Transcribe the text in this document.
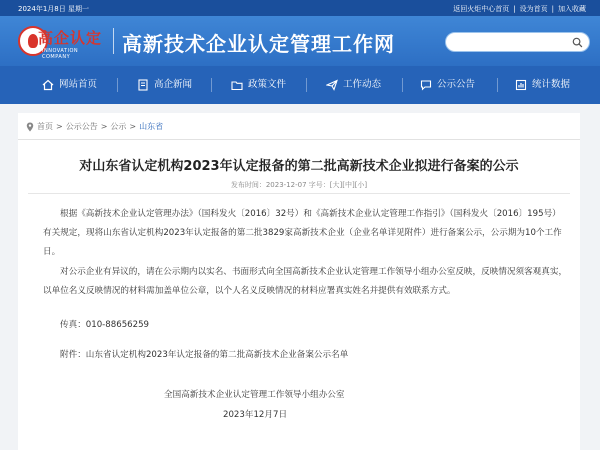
2024年1月8日 星期一	返回火炬中心首页 | 设为首页 | 加入收藏
高企认定
INNOVATION COMPANY
高新技术企业认定管理工作网
网站首页	高企新闻	政策文件	工作动态	公示公告	统计数据
首页 > 公示公告 > 公示 > 山东省
对山东省认定机构2023年认定报备的第二批高新技术企业拟进行备案的公示
发布时间：2023-12-07 字号：[大][中][小]
根据《高新技术企业认定管理办法》（国科发火〔2016〕32号）和《高新技术企业认定管理工作指引》（国科发火〔2016〕195号）有关规定，现将山东省认定机构2023年认定报备的第二批3829家高新技术企业（企业名单详见附件）进行备案公示，公示期为10个工作日。
对公示企业有异议的，请在公示期内以实名、书面形式向全国高新技术企业认定管理工作领导小组办公室反映，反映情况须客观真实，以单位名义反映情况的材料需加盖单位公章，以个人名义反映情况的材料应署真实姓名并提供有效联系方式。
传真：010-88656259
附件：山东省认定机构2023年认定报备的第二批高新技术企业备案公示名单
全国高新技术企业认定管理工作领导小组办公室
2023年12月7日
